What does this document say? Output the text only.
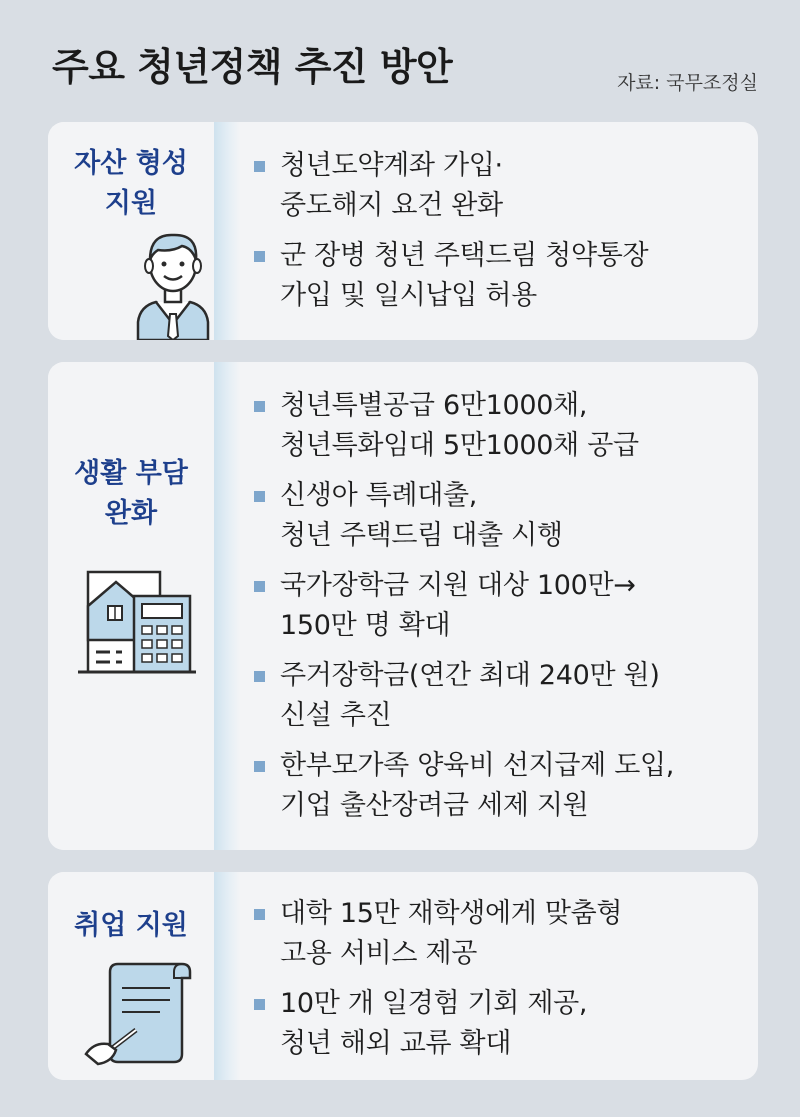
주요 청년정책 추진 방안	자료: 국무조정실
자산 형성
지원
청년도약계좌 가입·
중도해지 요건 완화
군 장병 청년 주택드림 청약통장
가입 및 일시납입 허용
생활 부담
완화
청년특별공급 6만1000채,
청년특화임대 5만1000채 공급
신생아 특례대출,
청년 주택드림 대출 시행
국가장학금 지원 대상 100만→
150만 명 확대
주거장학금(연간 최대 240만 원)
신설 추진
한부모가족 양육비 선지급제 도입,
기업 출산장려금 세제 지원
취업 지원	대학 15만 재학생에게 맞춤형
고용 서비스 제공
10만 개 일경험 기회 제공,
청년 해외 교류 확대
